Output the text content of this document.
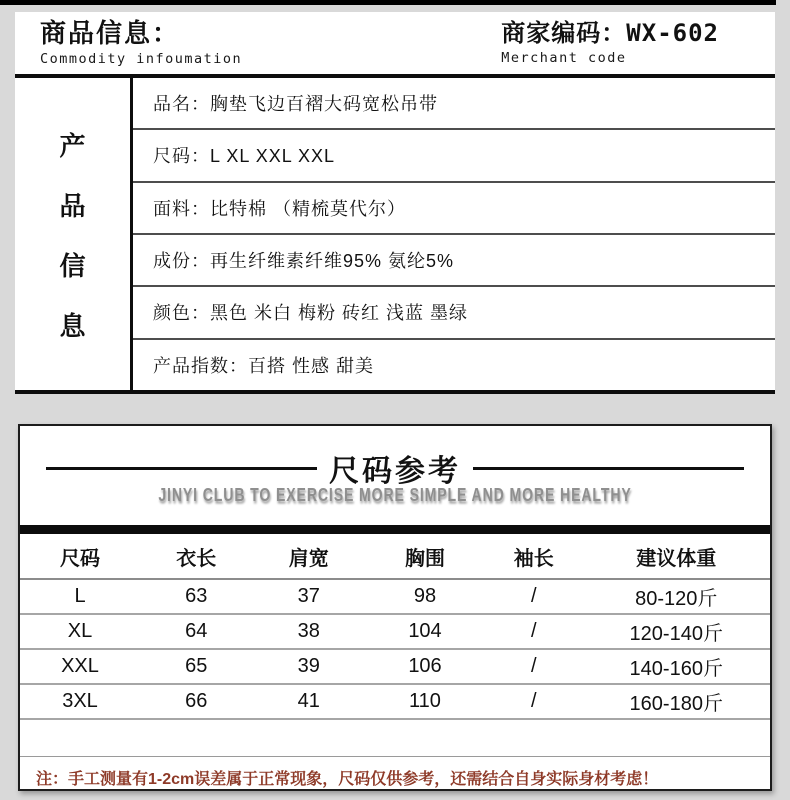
商品信息：
Commodity infoumation
商家编码：WX-602
Merchant code
产
品
信
息
品名：胸垫飞边百褶大码宽松吊带
尺码：L XL XXL XXL
面料：比特棉 （精梳莫代尔）
成份：再生纤维素纤维95% 氨纶5%
颜色：黑色 米白 梅粉 砖红 浅蓝 墨绿
产品指数：百搭 性感 甜美
尺码参考
JINYI CLUB TO EXERCISE MORE SIMPLE AND MORE HEALTHY
尺码	衣长	肩宽	胸围	袖长	建议体重
L	63	37	98	/	80-120斤
XL	64	38	104	/	120-140斤
XXL	65	39	106	/	140-160斤
3XL	66	41	110	/	160-180斤
注：手工测量有1-2cm误差属于正常现象，尺码仅供参考，还需结合自身实际身材考虑！
